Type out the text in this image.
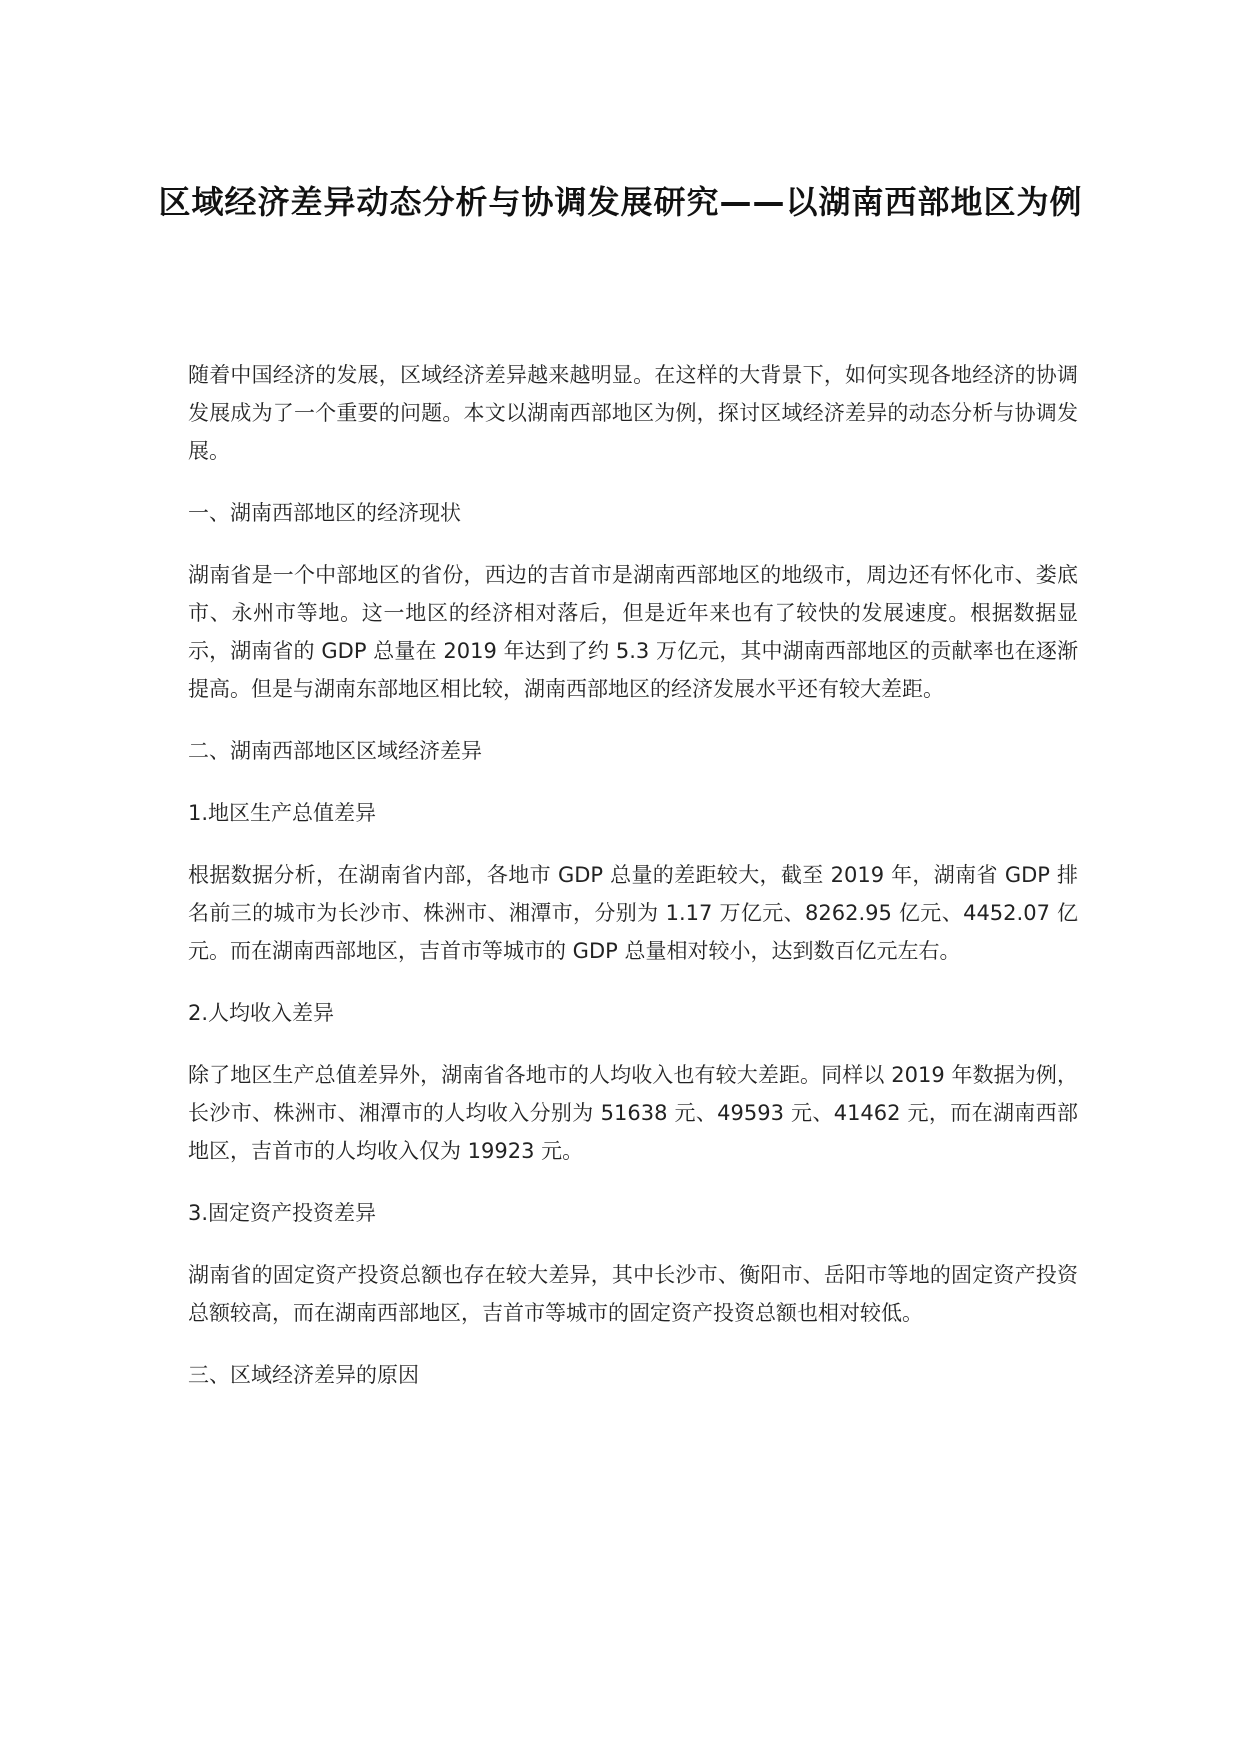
区域经济差异动态分析与协调发展研究——以湖南西部地区为例

随着中国经济的发展，区域经济差异越来越明显。在这样的大背景下，如何实现各地经济的协调发展成为了一个重要的问题。本文以湖南西部地区为例，探讨区域经济差异的动态分析与协调发展。

一、湖南西部地区的经济现状

湖南省是一个中部地区的省份，西边的吉首市是湖南西部地区的地级市，周边还有怀化市、娄底市、永州市等地。这一地区的经济相对落后，但是近年来也有了较快的发展速度。根据数据显示，湖南省的 GDP 总量在 2019 年达到了约 5.3 万亿元，其中湖南西部地区的贡献率也在逐渐提高。但是与湖南东部地区相比较，湖南西部地区的经济发展水平还有较大差距。

二、湖南西部地区区域经济差异

1.地区生产总值差异

根据数据分析，在湖南省内部，各地市 GDP 总量的差距较大，截至 2019 年，湖南省 GDP 排名前三的城市为长沙市、株洲市、湘潭市，分别为 1.17 万亿元、8262.95 亿元、4452.07 亿元。而在湖南西部地区，吉首市等城市的 GDP 总量相对较小，达到数百亿元左右。

2.人均收入差异

除了地区生产总值差异外，湖南省各地市的人均收入也有较大差距。同样以 2019 年数据为例，长沙市、株洲市、湘潭市的人均收入分别为 51638 元、49593 元、41462 元，而在湖南西部地区，吉首市的人均收入仅为 19923 元。

3.固定资产投资差异

湖南省的固定资产投资总额也存在较大差异，其中长沙市、衡阳市、岳阳市等地的固定资产投资总额较高，而在湖南西部地区，吉首市等城市的固定资产投资总额也相对较低。

三、区域经济差异的原因
